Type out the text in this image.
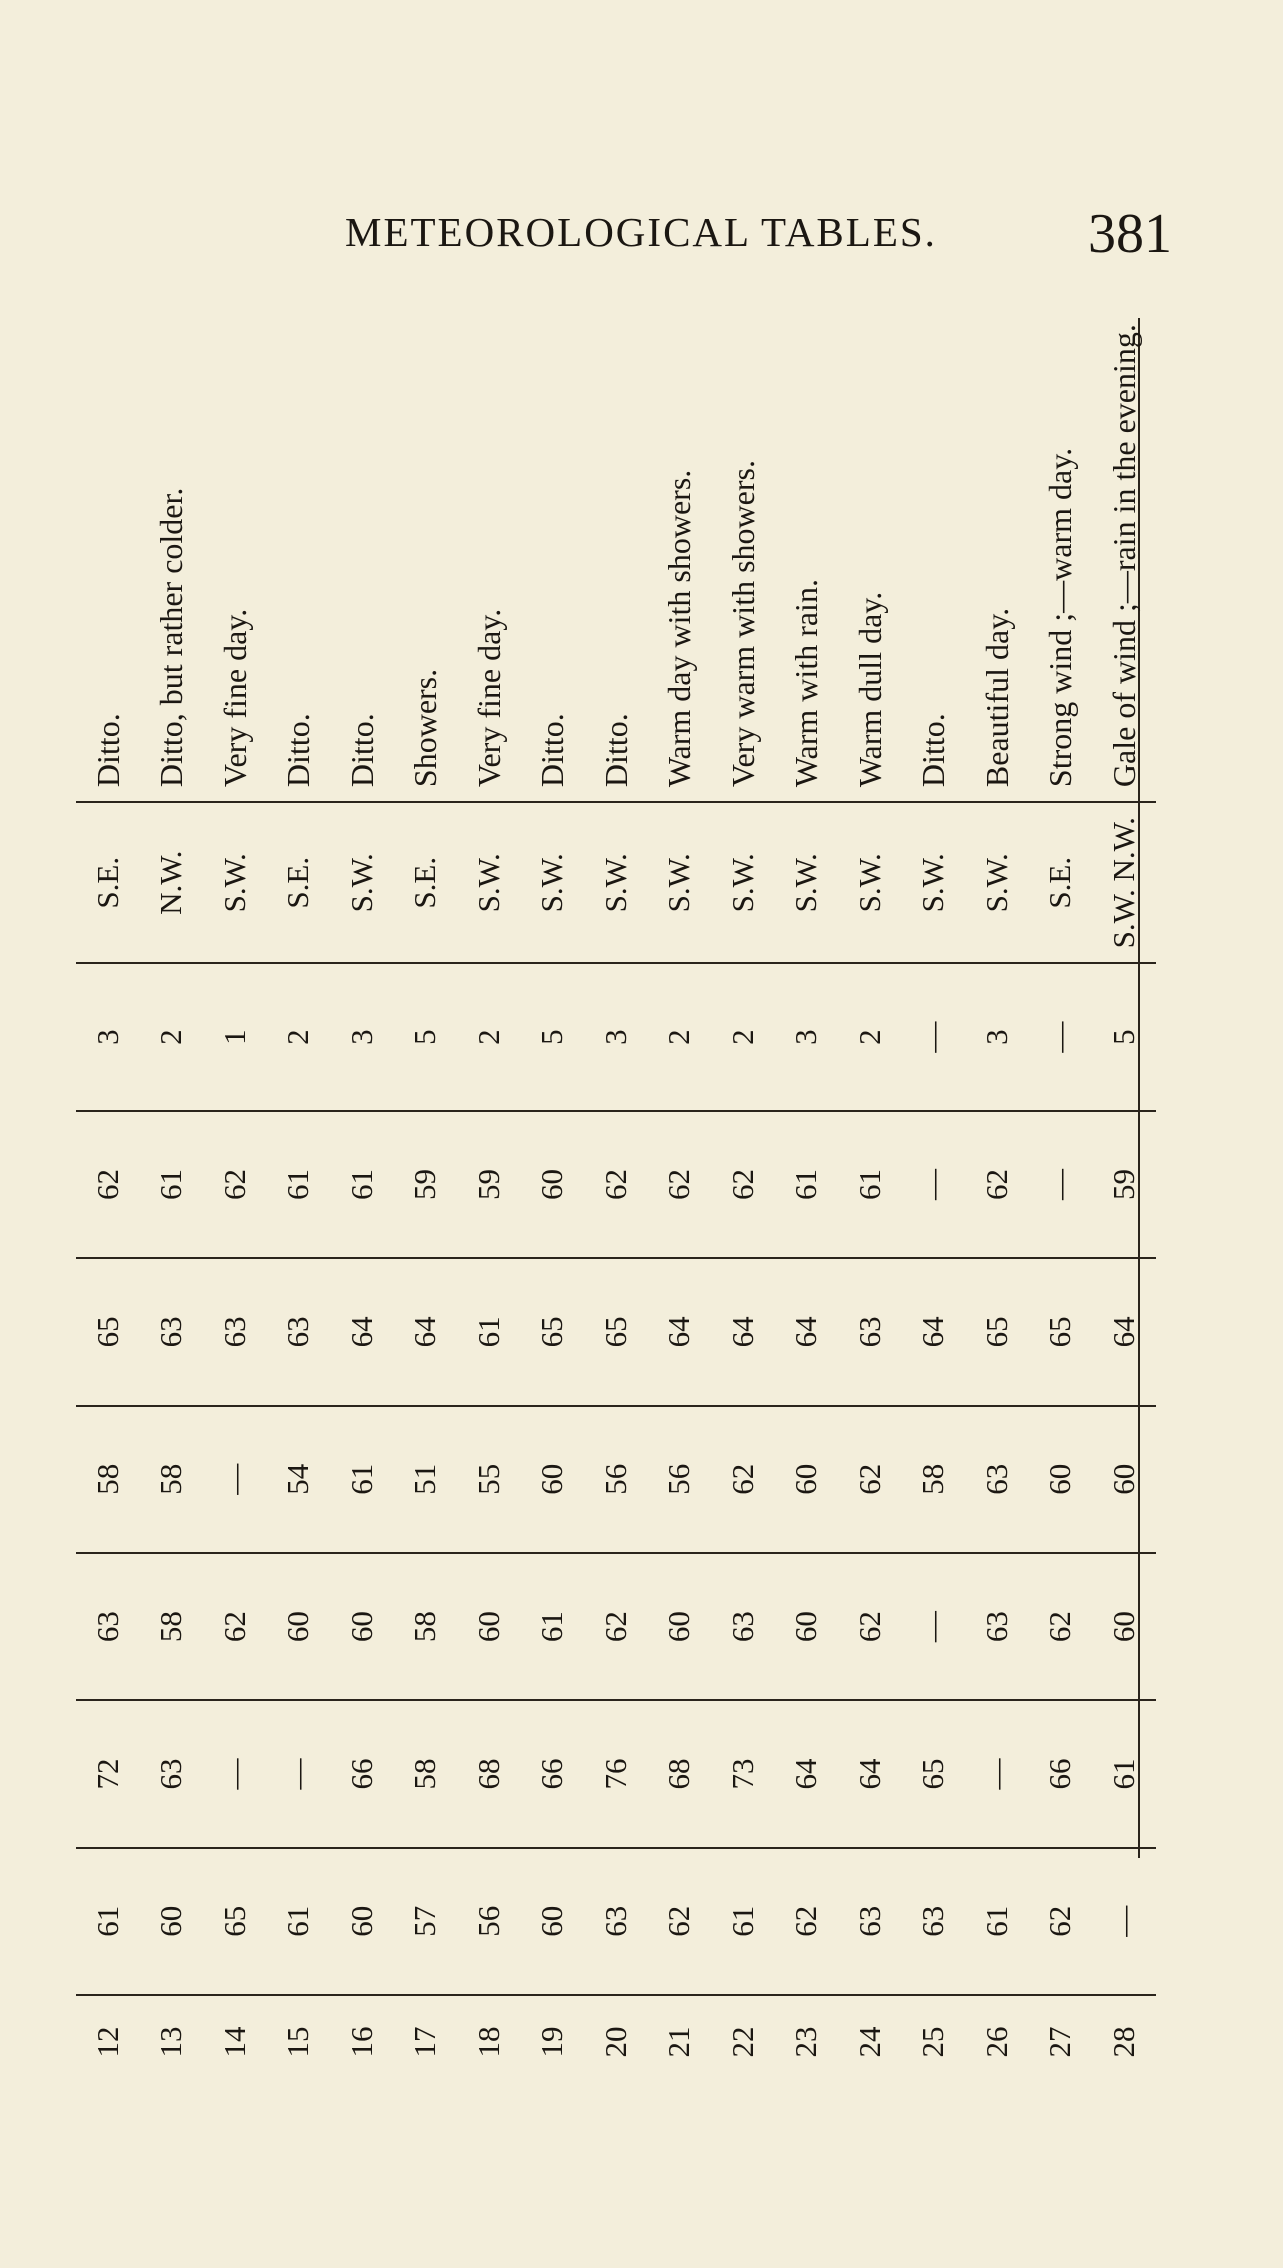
METEOROLOGICAL TABLES.	381
12	61	72	63	58	65	62	3	S.E.	Ditto.
13	60	63	58	58	63	61	2	N.W.	Ditto, but rather colder.
14	65	—	62	—	63	62	1	S.W.	Very fine day.
15	61	—	60	54	63	61	2	S.E.	Ditto.
16	60	66	60	61	64	61	3	S.W.	Ditto.
17	57	58	58	51	64	59	5	S.E.	Showers.
18	56	68	60	55	61	59	2	S.W.	Very fine day.
19	60	66	61	60	65	60	5	S.W.	Ditto.
20	63	76	62	56	65	62	3	S.W.	Ditto.
21	62	68	60	56	64	62	2	S.W.	Warm day with showers.
22	61	73	63	62	64	62	2	S.W.	Very warm with showers.
23	62	64	60	60	64	61	3	S.W.	Warm with rain.
24	63	64	62	62	63	61	2	S.W.	Warm dull day.
25	63	65	—	58	64	—	—	S.W.	Ditto.
26	61	—	63	63	65	62	3	S.W.	Beautiful day.
27	62	66	62	60	65	—	—	S.E.	Strong wind ;—warm day.
28	—	61	60	60	64	59	5	S.W. N.W.	Gale of wind ;—rain in the evening.
